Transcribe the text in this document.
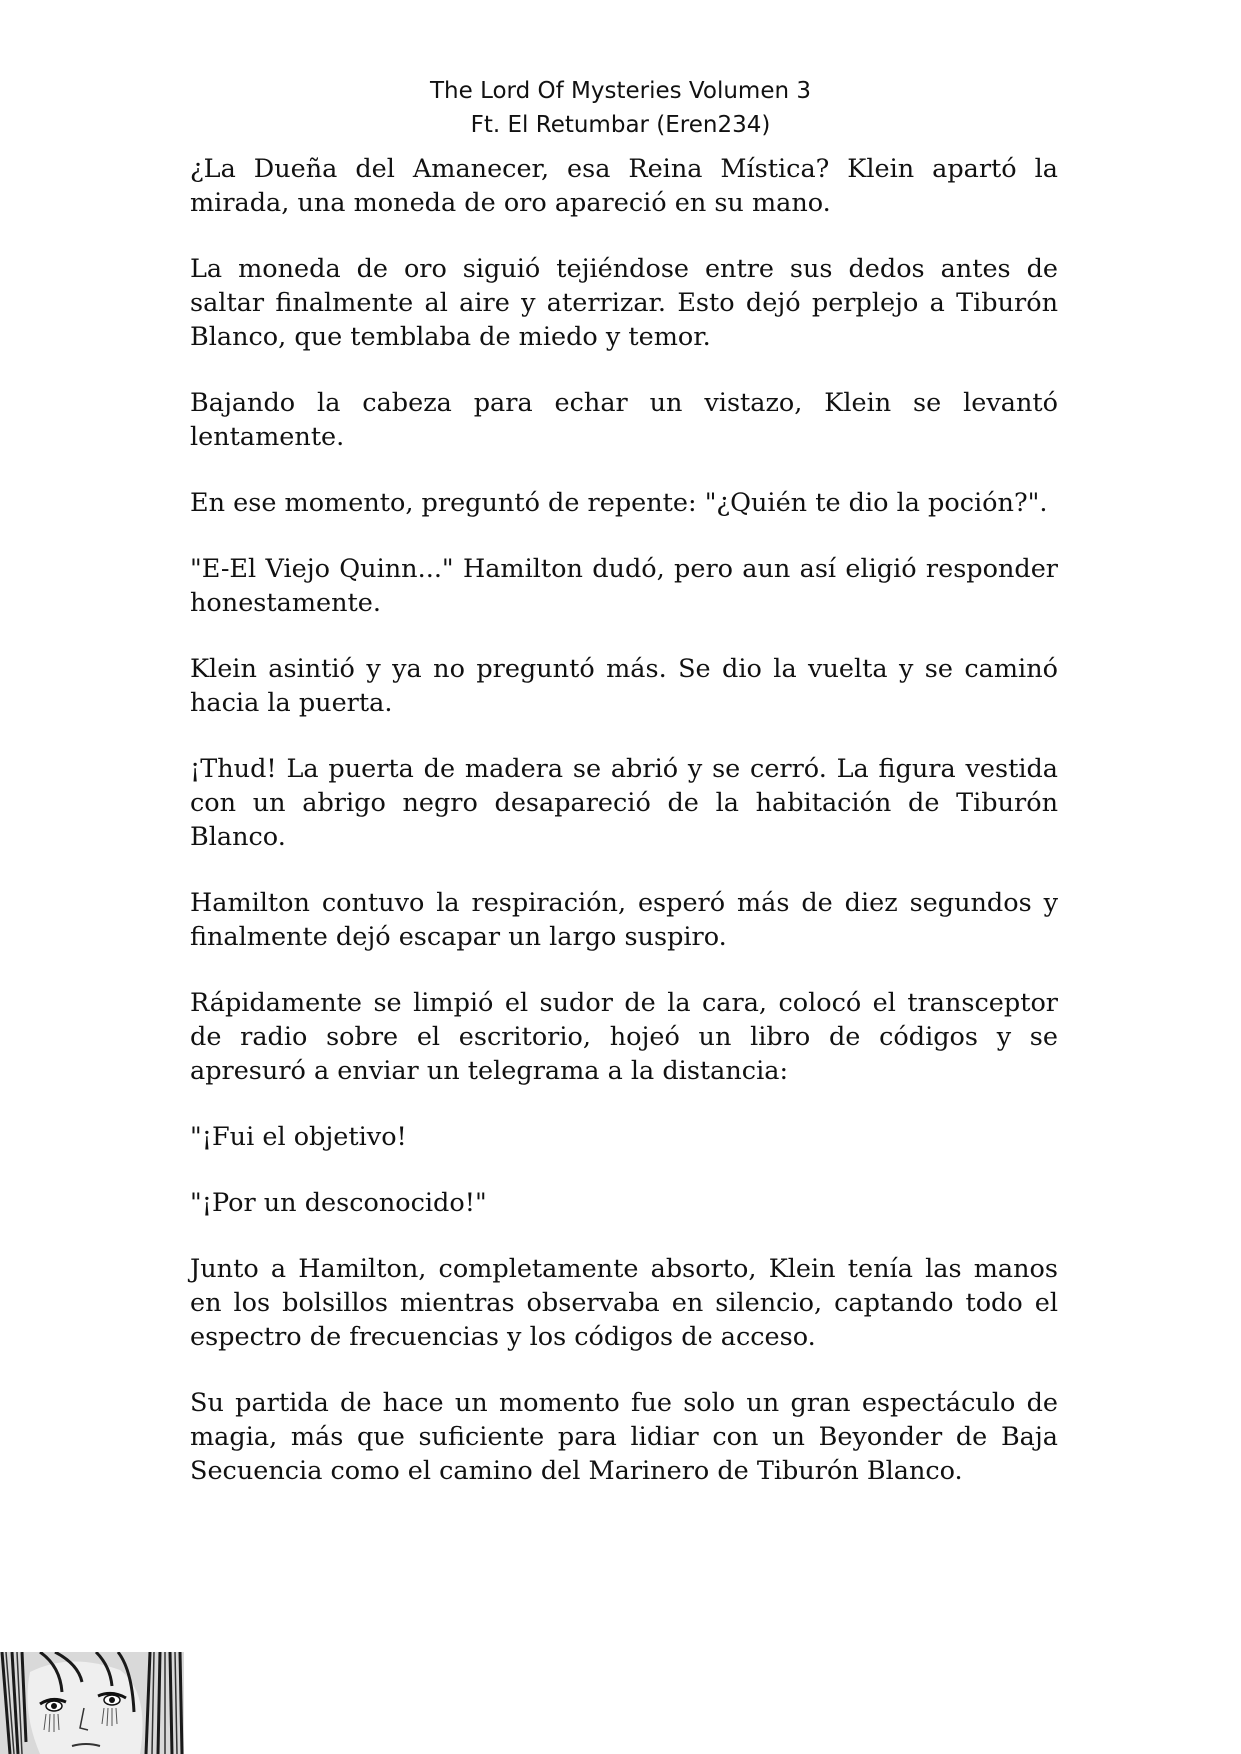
The Lord Of Mysteries Volumen 3
Ft. El Retumbar (Eren234)

¿La Dueña del Amanecer, esa Reina Mística? Klein apartó la mirada, una moneda de oro apareció en su mano.

La moneda de oro siguió tejiéndose entre sus dedos antes de saltar finalmente al aire y aterrizar. Esto dejó perplejo a Tiburón Blanco, que temblaba de miedo y temor.

Bajando la cabeza para echar un vistazo, Klein se levantó lentamente.

En ese momento, preguntó de repente: "¿Quién te dio la poción?".

"E-El Viejo Quinn..." Hamilton dudó, pero aun así eligió responder honestamente.

Klein asintió y ya no preguntó más. Se dio la vuelta y se caminó hacia la puerta.

¡Thud! La puerta de madera se abrió y se cerró. La figura vestida con un abrigo negro desapareció de la habitación de Tiburón Blanco.

Hamilton contuvo la respiración, esperó más de diez segundos y finalmente dejó escapar un largo suspiro.

Rápidamente se limpió el sudor de la cara, colocó el transceptor de radio sobre el escritorio, hojeó un libro de códigos y se apresuró a enviar un telegrama a la distancia:

"¡Fui el objetivo!

"¡Por un desconocido!"

Junto a Hamilton, completamente absorto, Klein tenía las manos en los bolsillos mientras observaba en silencio, captando todo el espectro de frecuencias y los códigos de acceso.

Su partida de hace un momento fue solo un gran espectáculo de magia, más que suficiente para lidiar con un Beyonder de Baja Secuencia como el camino del Marinero de Tiburón Blanco.
